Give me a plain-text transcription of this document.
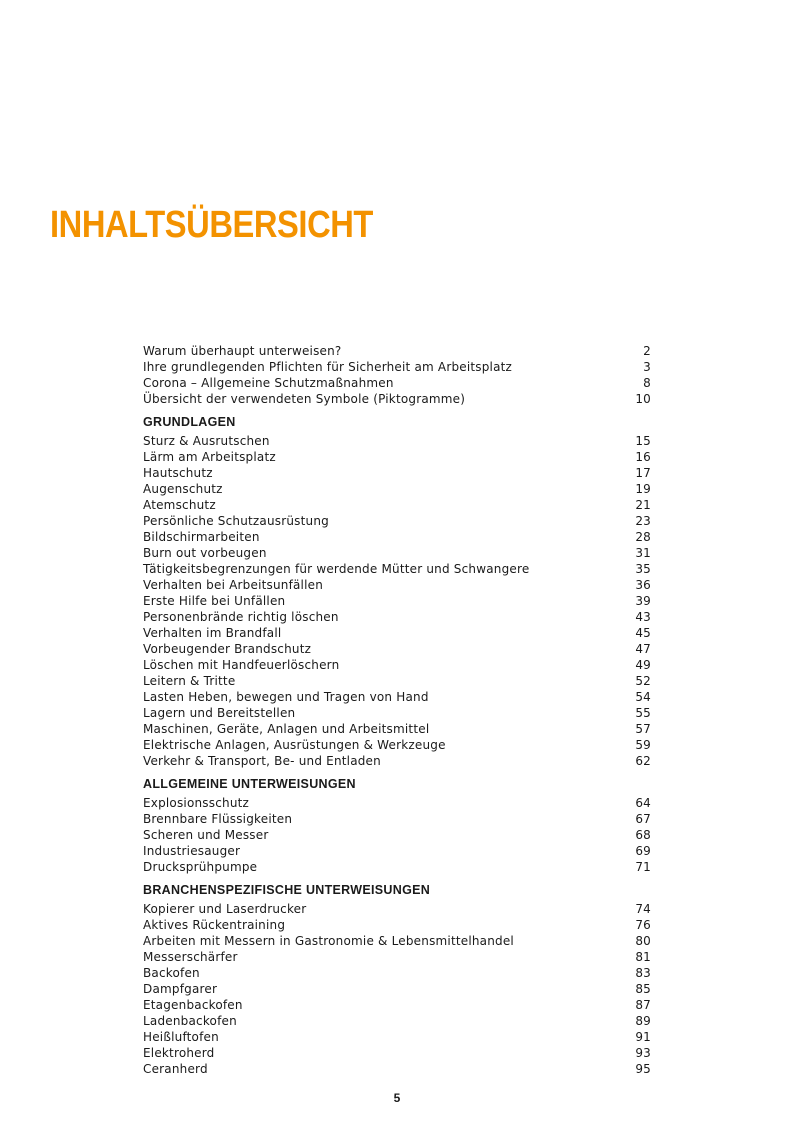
INHALTSÜBERSICHT
Warum überhaupt unterweisen?	2
Ihre grundlegenden Pflichten für Sicherheit am Arbeitsplatz	3
Corona – Allgemeine Schutzmaßnahmen	8
Übersicht der verwendeten Symbole (Piktogramme)	10
GRUNDLAGEN
Sturz & Ausrutschen	15
Lärm am Arbeitsplatz	16
Hautschutz	17
Augenschutz	19
Atemschutz	21
Persönliche Schutzausrüstung	23
Bildschirmarbeiten	28
Burn out vorbeugen	31
Tätigkeitsbegrenzungen für werdende Mütter und Schwangere	35
Verhalten bei Arbeitsunfällen	36
Erste Hilfe bei Unfällen	39
Personenbrände richtig löschen	43
Verhalten im Brandfall	45
Vorbeugender Brandschutz	47
Löschen mit Handfeuerlöschern	49
Leitern & Tritte	52
Lasten Heben, bewegen und Tragen von Hand	54
Lagern und Bereitstellen	55
Maschinen, Geräte, Anlagen und Arbeitsmittel	57
Elektrische Anlagen, Ausrüstungen & Werkzeuge	59
Verkehr & Transport, Be- und Entladen	62
ALLGEMEINE UNTERWEISUNGEN
Explosionsschutz	64
Brennbare Flüssigkeiten	67
Scheren und Messer	68
Industriesauger	69
Drucksprühpumpe	71
BRANCHENSPEZIFISCHE UNTERWEISUNGEN
Kopierer und Laserdrucker	74
Aktives Rückentraining	76
Arbeiten mit Messern in Gastronomie & Lebensmittelhandel	80
Messerschärfer	81
Backofen	83
Dampfgarer	85
Etagenbackofen	87
Ladenbackofen	89
Heißluftofen	91
Elektroherd	93
Ceranherd	95
5
